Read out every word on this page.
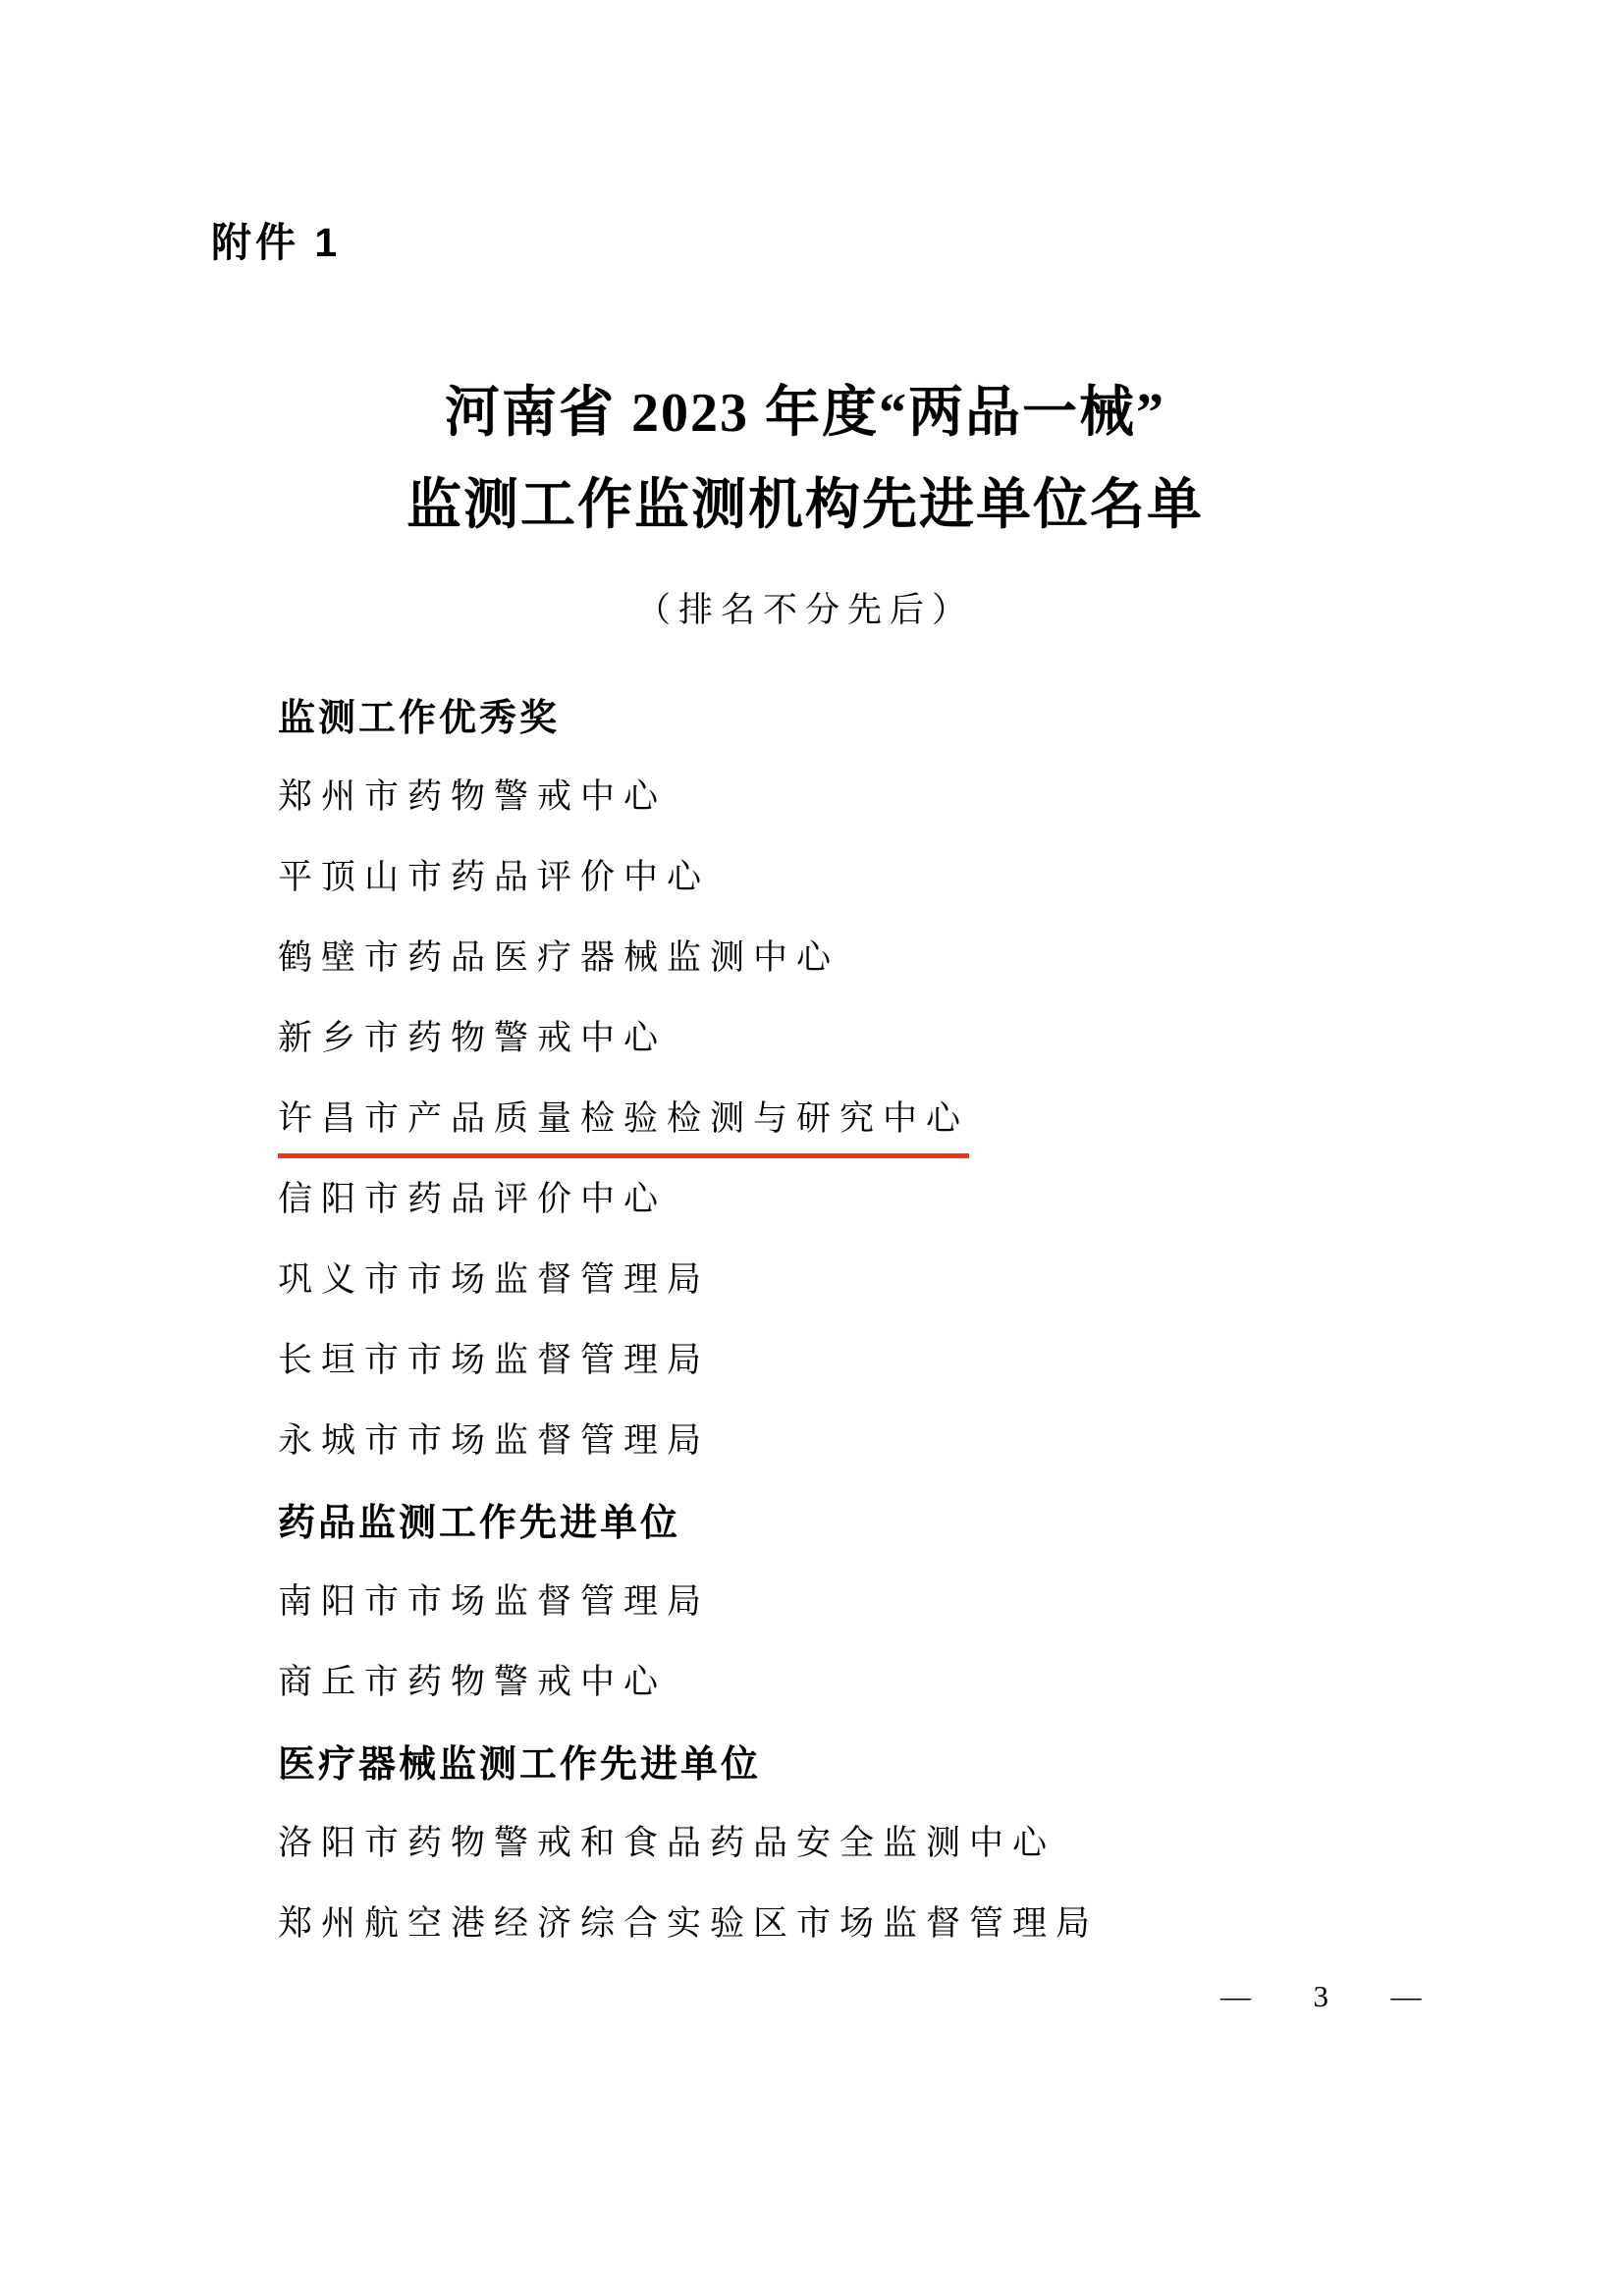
附件 1
河南省 2023 年度“两品一械”
监测工作监测机构先进单位名单
（排名不分先后）
监测工作优秀奖
郑州市药物警戒中心
平顶山市药品评价中心
鹤壁市药品医疗器械监测中心
新乡市药物警戒中心
许昌市产品质量检验检测与研究中心
信阳市药品评价中心
巩义市市场监督管理局
长垣市市场监督管理局
永城市市场监督管理局
药品监测工作先进单位
南阳市市场监督管理局
商丘市药物警戒中心
医疗器械监测工作先进单位
洛阳市药物警戒和食品药品安全监测中心
郑州航空港经济综合实验区市场监督管理局
—  3  —
